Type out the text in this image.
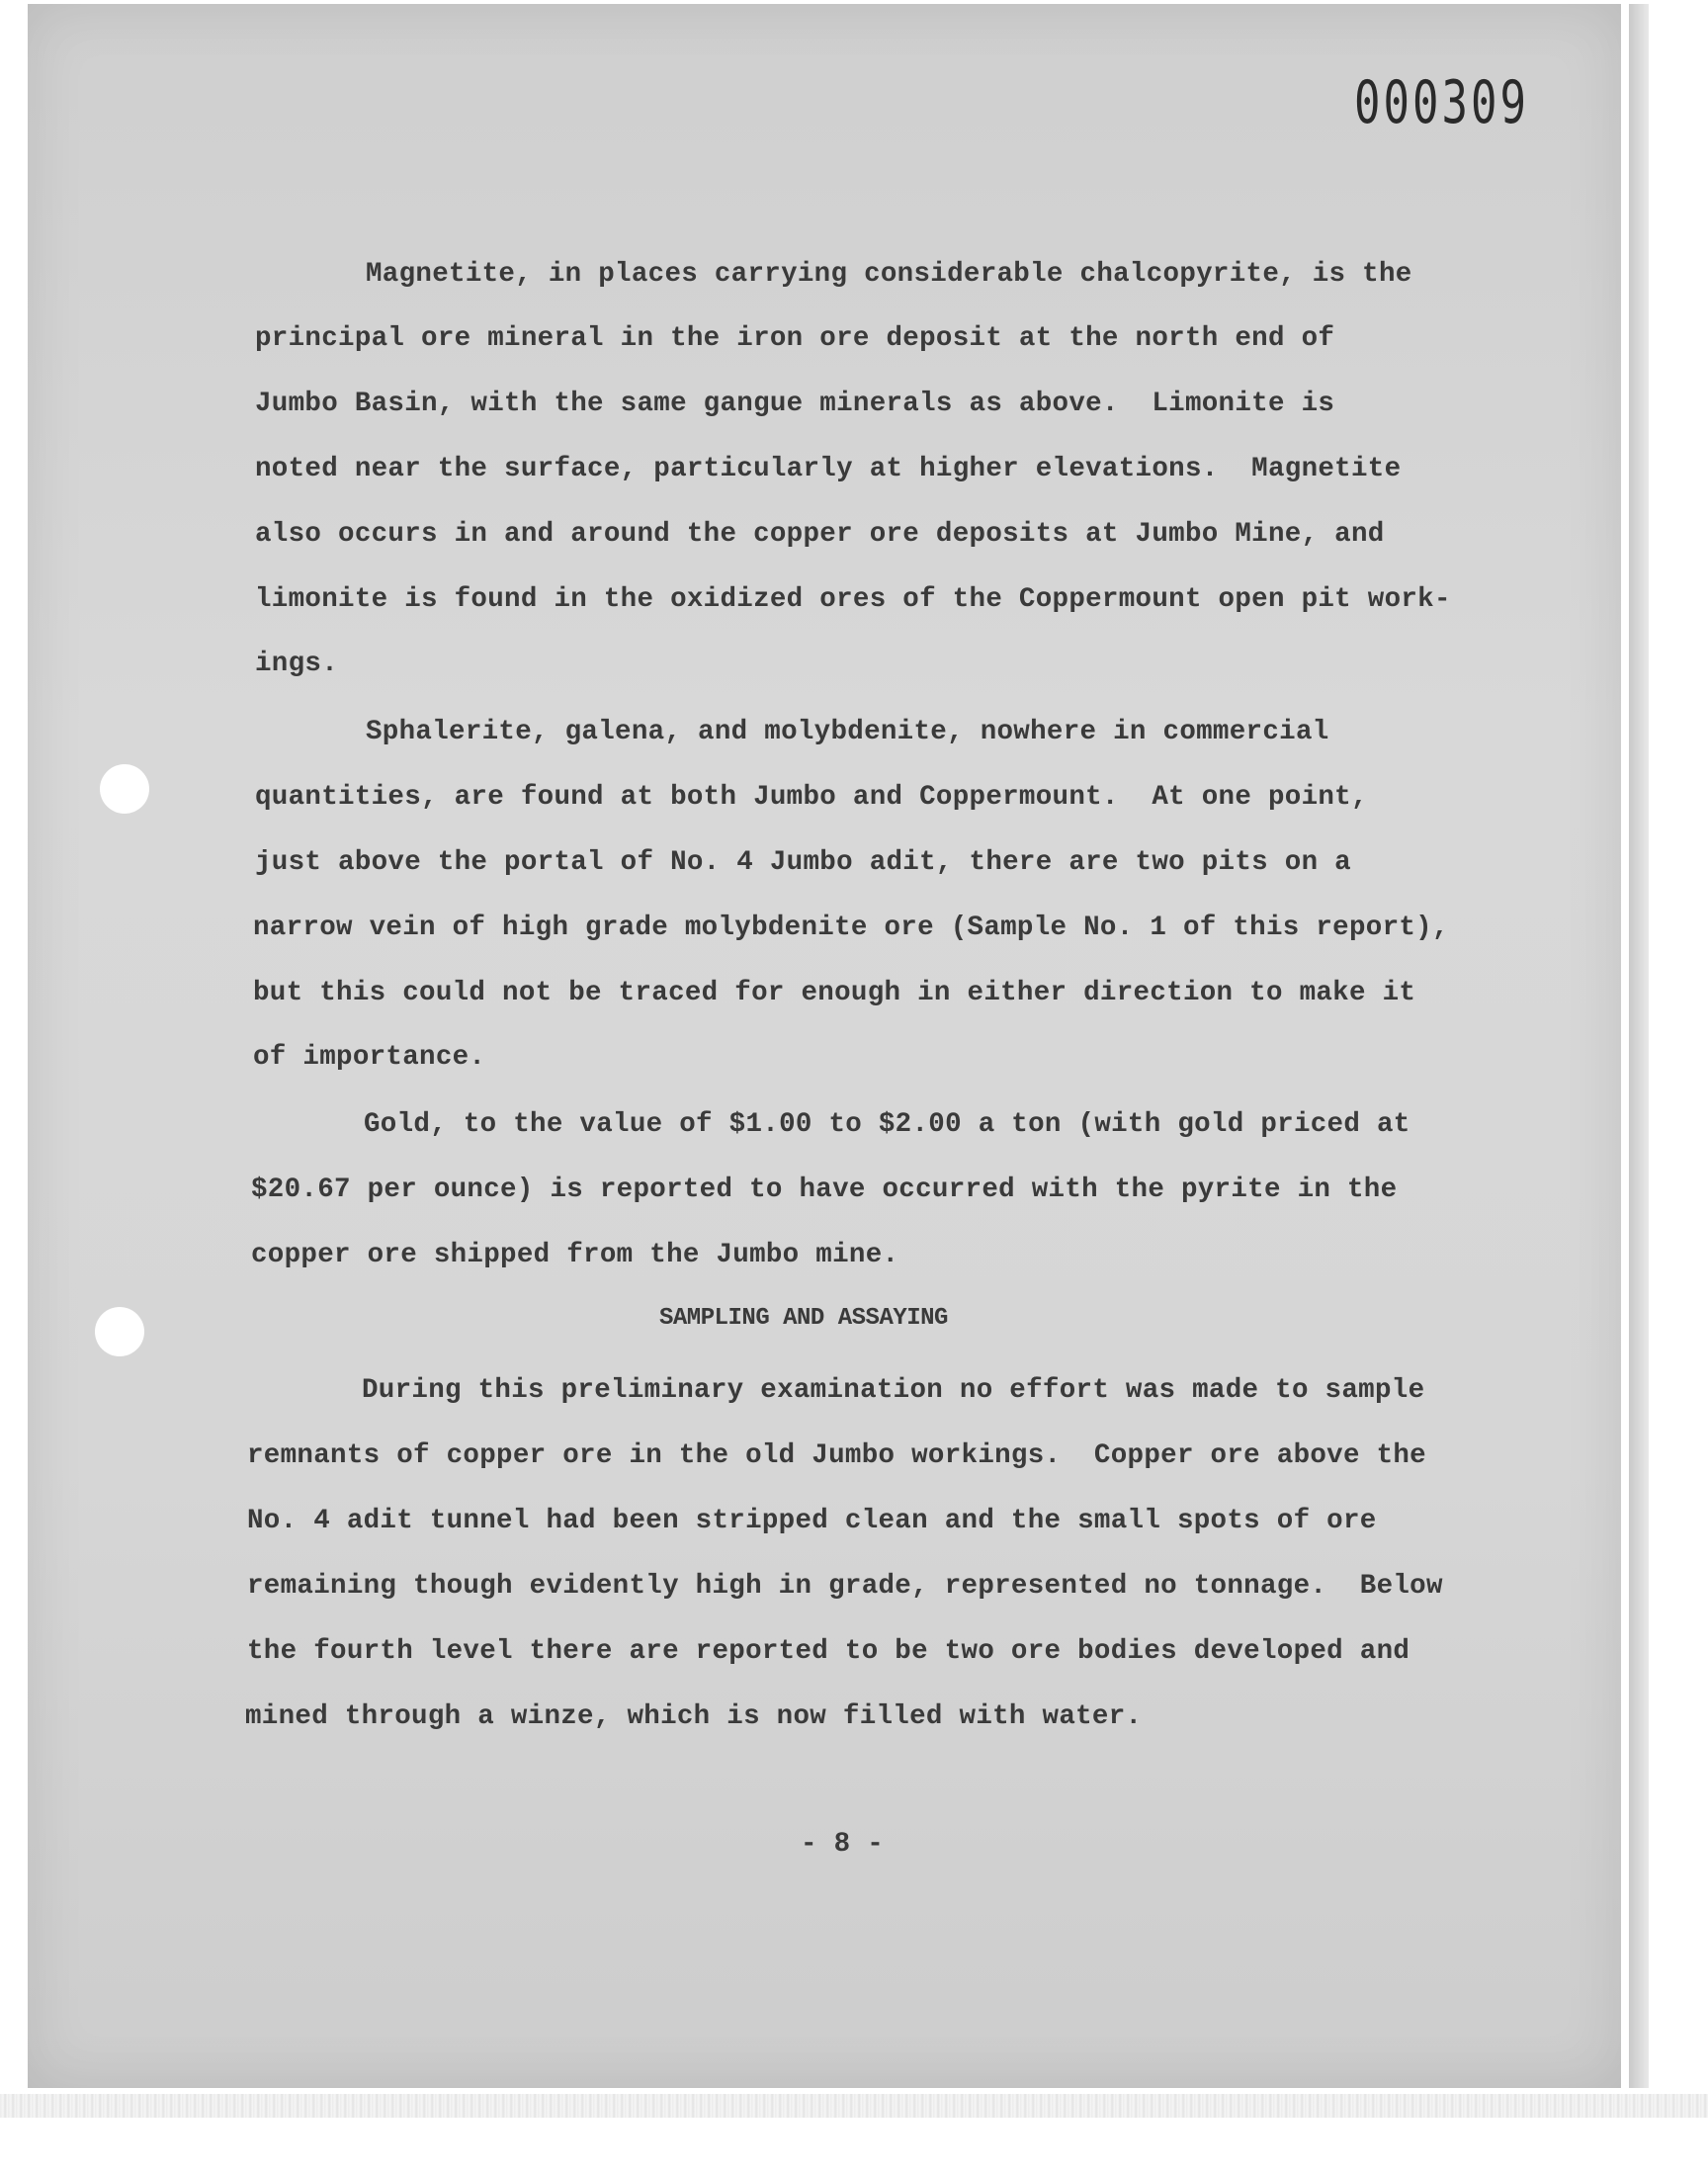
000309
Magnetite, in places carrying considerable chalcopyrite, is the
principal ore mineral in the iron ore deposit at the north end of
Jumbo Basin, with the same gangue minerals as above.  Limonite is
noted near the surface, particularly at higher elevations.  Magnetite
also occurs in and around the copper ore deposits at Jumbo Mine, and
limonite is found in the oxidized ores of the Coppermount open pit work-
ings.
Sphalerite, galena, and molybdenite, nowhere in commercial
quantities, are found at both Jumbo and Coppermount.  At one point,
just above the portal of No. 4 Jumbo adit, there are two pits on a
narrow vein of high grade molybdenite ore (Sample No. 1 of this report),
but this could not be traced for enough in either direction to make it
of importance.
Gold, to the value of $1.00 to $2.00 a ton (with gold priced at
$20.67 per ounce) is reported to have occurred with the pyrite in the
copper ore shipped from the Jumbo mine.
SAMPLING AND ASSAYING
During this preliminary examination no effort was made to sample
remnants of copper ore in the old Jumbo workings.  Copper ore above the
No. 4 adit tunnel had been stripped clean and the small spots of ore
remaining though evidently high in grade, represented no tonnage.  Below
the fourth level there are reported to be two ore bodies developed and
mined through a winze, which is now filled with water.
- 8 -
